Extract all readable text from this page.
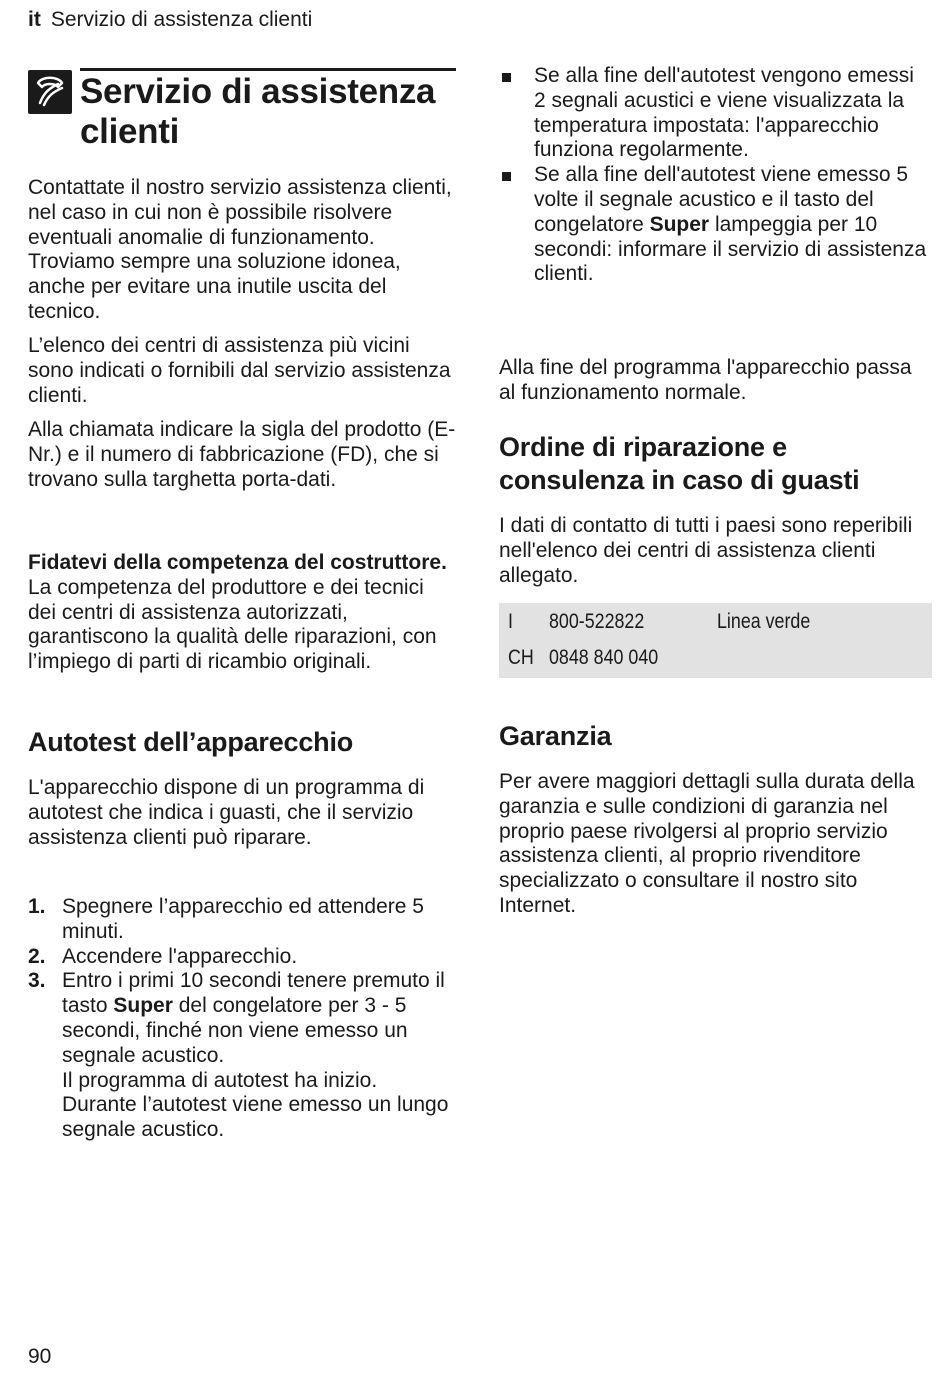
it Servizio di assistenza clienti
Servizio di assistenza
clienti

Contattate il nostro servizio assistenza clienti, nel caso in cui non è possibile risolvere eventuali anomalie di funzionamento. Troviamo sempre una soluzione idonea, anche per evitare una inutile uscita del tecnico.

L’elenco dei centri di assistenza più vicini sono indicati o fornibili dal servizio assistenza clienti.

Alla chiamata indicare la sigla del prodotto (E-Nr.) e il numero di fabbricazione (FD), che si trovano sulla targhetta porta-dati.

Fidatevi della competenza del costruttore. La competenza del produttore e dei tecnici dei centri di assistenza autorizzati, garantiscono la qualità delle riparazioni, con l’impiego di parti di ricambio originali.

Autotest dell’apparecchio

L'apparecchio dispone di un programma di autotest che indica i guasti, che il servizio assistenza clienti può riparare.

1. Spegnere l’apparecchio ed attendere 5 minuti.
2. Accendere l'apparecchio.
3. Entro i primi 10 secondi tenere premuto il tasto Super del congelatore per 3 - 5 secondi, finché non viene emesso un segnale acustico.
Il programma di autotest ha inizio. Durante l’autotest viene emesso un lungo segnale acustico.
Se alla fine dell'autotest vengono emessi 2 segnali acustici e viene visualizzata la temperatura impostata: l'apparecchio funziona regolarmente.
Se alla fine dell'autotest viene emesso 5 volte il segnale acustico e il tasto del congelatore Super lampeggia per 10 secondi: informare il servizio di assistenza clienti.

Alla fine del programma l'apparecchio passa al funzionamento normale.

Ordine di riparazione e consulenza in caso di guasti

I dati di contatto di tutti i paesi sono reperibili nell'elenco dei centri di assistenza clienti allegato.

I 800-522822	Linea verde
CH 0848 840 040
Garanzia

Per avere maggiori dettagli sulla durata della garanzia e sulle condizioni di garanzia nel proprio paese rivolgersi al proprio servizio assistenza clienti, al proprio rivenditore specializzato o consultare il nostro sito Internet.

90
